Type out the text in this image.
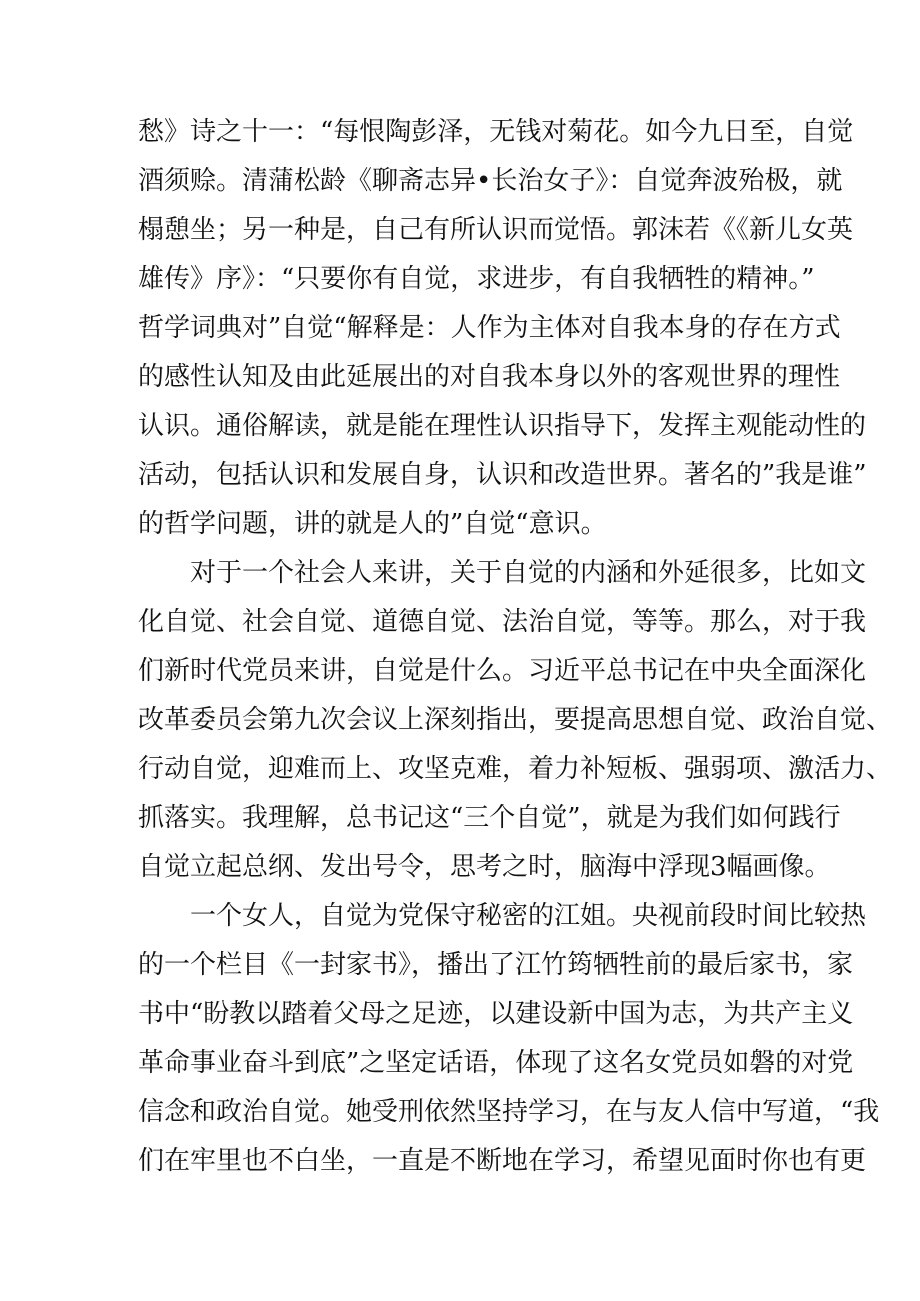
愁》诗之十一：“每恨陶彭泽，无钱对菊花。如今九日至，自觉
酒须赊。清蒲松龄《聊斋志异•长治女子》：自觉奔波殆极，就
榻憩坐；另一种是，自己有所认识而觉悟。郭沫若《《新儿女英
雄传》序》：“只要你有自觉，求进步，有自我牺牲的精神。”
哲学词典对”自觉“解释是：人作为主体对自我本身的存在方式
的感性认知及由此延展出的对自我本身以外的客观世界的理性
认识。通俗解读，就是能在理性认识指导下，发挥主观能动性的
活动，包括认识和发展自身，认识和改造世界。著名的”我是谁”
的哲学问题，讲的就是人的”自觉“意识。
对于一个社会人来讲，关于自觉的内涵和外延很多，比如文
化自觉、社会自觉、道德自觉、法治自觉，等等。那么，对于我
们新时代党员来讲，自觉是什么。习近平总书记在中央全面深化
改革委员会第九次会议上深刻指出，要提高思想自觉、政治自觉、
行动自觉，迎难而上、攻坚克难，着力补短板、强弱项、激活力、
抓落实。我理解，总书记这“三个自觉”，就是为我们如何践行
自觉立起总纲、发出号令，思考之时，脑海中浮现3幅画像。
一个女人，自觉为党保守秘密的江姐。央视前段时间比较热
的一个栏目《一封家书》，播出了江竹筠牺牲前的最后家书，家
书中“盼教以踏着父母之足迹，以建设新中国为志，为共产主义
革命事业奋斗到底”之坚定话语，体现了这名女党员如磐的对党
信念和政治自觉。她受刑依然坚持学习，在与友人信中写道，“我
们在牢里也不白坐，一直是不断地在学习，希望见面时你也有更
